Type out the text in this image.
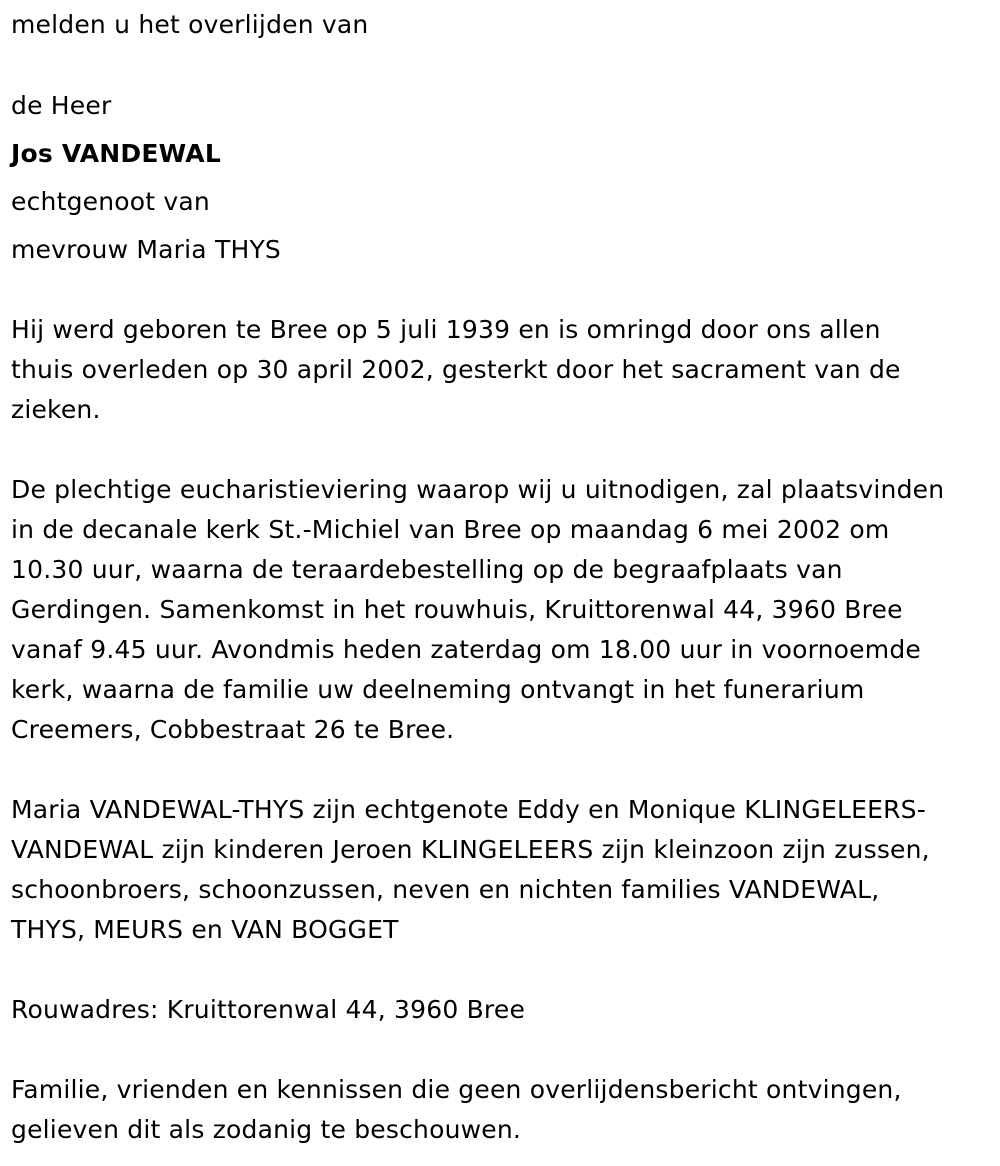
melden u het overlijden van
de Heer
Jos VANDEWAL
echtgenoot van
mevrouw Maria THYS
Hij werd geboren te Bree op 5 juli 1939 en is omringd door ons allen
thuis overleden op 30 april 2002, gesterkt door het sacrament van de
zieken.
De plechtige eucharistieviering waarop wij u uitnodigen, zal plaatsvinden
in de decanale kerk St.-Michiel van Bree op maandag 6 mei 2002 om
10.30 uur, waarna de teraardebestelling op de begraafplaats van
Gerdingen. Samenkomst in het rouwhuis, Kruittorenwal 44, 3960 Bree
vanaf 9.45 uur. Avondmis heden zaterdag om 18.00 uur in voornoemde
kerk, waarna de familie uw deelneming ontvangt in het funerarium
Creemers, Cobbestraat 26 te Bree.
Maria VANDEWAL-THYS zijn echtgenote Eddy en Monique KLINGELEERS-
VANDEWAL zijn kinderen Jeroen KLINGELEERS zijn kleinzoon zijn zussen,
schoonbroers, schoonzussen, neven en nichten families VANDEWAL,
THYS, MEURS en VAN BOGGET
Rouwadres: Kruittorenwal 44, 3960 Bree
Familie, vrienden en kennissen die geen overlijdensbericht ontvingen,
gelieven dit als zodanig te beschouwen.
